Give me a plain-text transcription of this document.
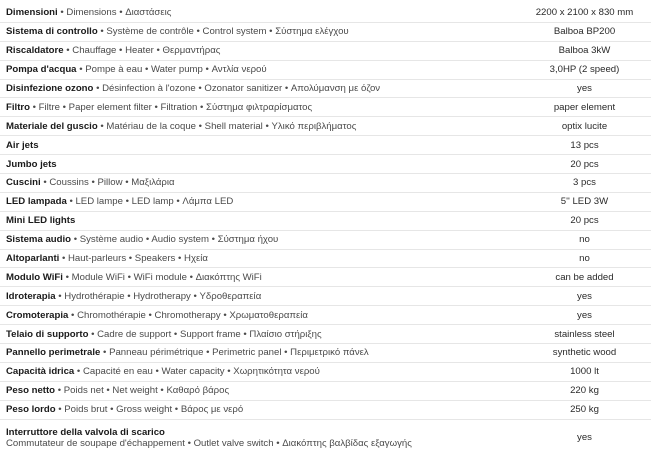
Dimensioni • Dimensions • Διαστάσεις	2200 x 2100 x 830 mm
Sistema di controllo • Système de contrôle • Control system • Σύστημα ελέγχου	Balboa BP200
Riscaldatore • Chauffage • Heater • Θερμαντήρας	Balboa 3kW
Pompa d'acqua • Pompe à eau • Water pump • Αντλία νερού	3,0HP (2 speed)
Disinfezione ozono • Désinfection à l'ozone • Ozonator sanitizer • Απολύμανση με όζον	yes
Filtro • Filtre • Paper element filter • Filtration • Σύστημα φιλτραρίσματος	paper element
Materiale del guscio • Matériau de la coque • Shell material • Υλικό περιβλήματος	optix lucite
Air jets	13 pcs
Jumbo jets	20 pcs
Cuscini • Coussins • Pillow • Μαξιλάρια	3 pcs
LED lampada • LED lampe • LED lamp • Λάμπα LED	5'' LED 3W
Mini LED lights	20 pcs
Sistema audio • Système audio • Audio system • Σύστημα ήχου	no
Altoparlanti • Haut-parleurs • Speakers • Ηχεία	no
Modulo WiFi • Module WiFi • WiFi module • Διακόπτης WiFi	can be added
Idroterapia • Hydrothérapie • Hydrotherapy • Υδροθεραπεία	yes
Cromoterapia • Chromothérapie • Chromotherapy • Χρωματοθεραπεία	yes
Telaio di supporto • Cadre de support • Support frame • Πλαίσιο στήριξης	stainless steel
Pannello perimetrale • Panneau périmétrique • Perimetric panel • Περιμετρικό πάνελ	synthetic wood
Capacità idrica • Capacité en eau • Water capacity • Χωρητικότητα νερού	1000 lt
Peso netto • Poids net • Net weight • Καθαρό βάρος	220 kg
Peso lordo • Poids brut • Gross weight • Βάρος με νερό	250 kg
Interruttore della valvola di scarico
Commutateur de soupape d'échappement • Outlet valve switch • Διακόπτης βαλβίδας εξαγωγής	yes
